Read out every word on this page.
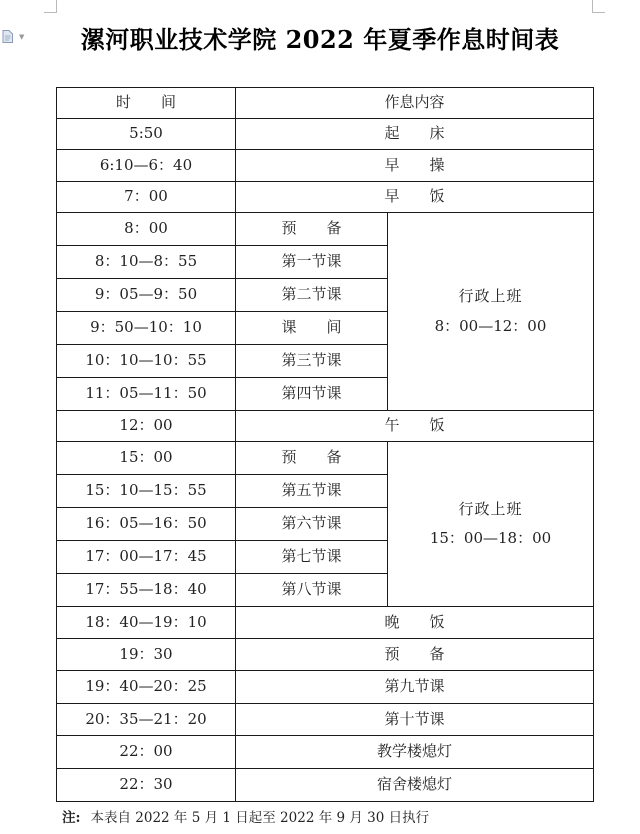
▼	漯河职业技术学院 2022 年夏季作息时间表
时　　间	作息内容	
5:50	起　　床	
6:10—6：40	早　　操	
7：00	早　　饭	
8：00	预　　备	行政上班
8：00—12：00

8：10—8：55	第一节课	
9：05—9：50	第二节课	
9：50—10：10	课　　间	
10：10—10：55	第三节课	
11：05—11：50	第四节课	
12：00	午　　饭	
15：00	预　　备	行政上班
15：00—18：00

15：10—15：55	第五节课	
16：05—16：50	第六节课	
17：00—17：45	第七节课	
17：55—18：40	第八节课	
18：40—19：10	晚　　饭	
19：30	预　　备	
19：40—20：25	第九节课	
20：35—21：20	第十节课	
22：00	教学楼熄灯	
22：30	宿舍楼熄灯	
注: 本表自 2022 年 5 月 1 日起至 2022 年 9 月 30 日执行
